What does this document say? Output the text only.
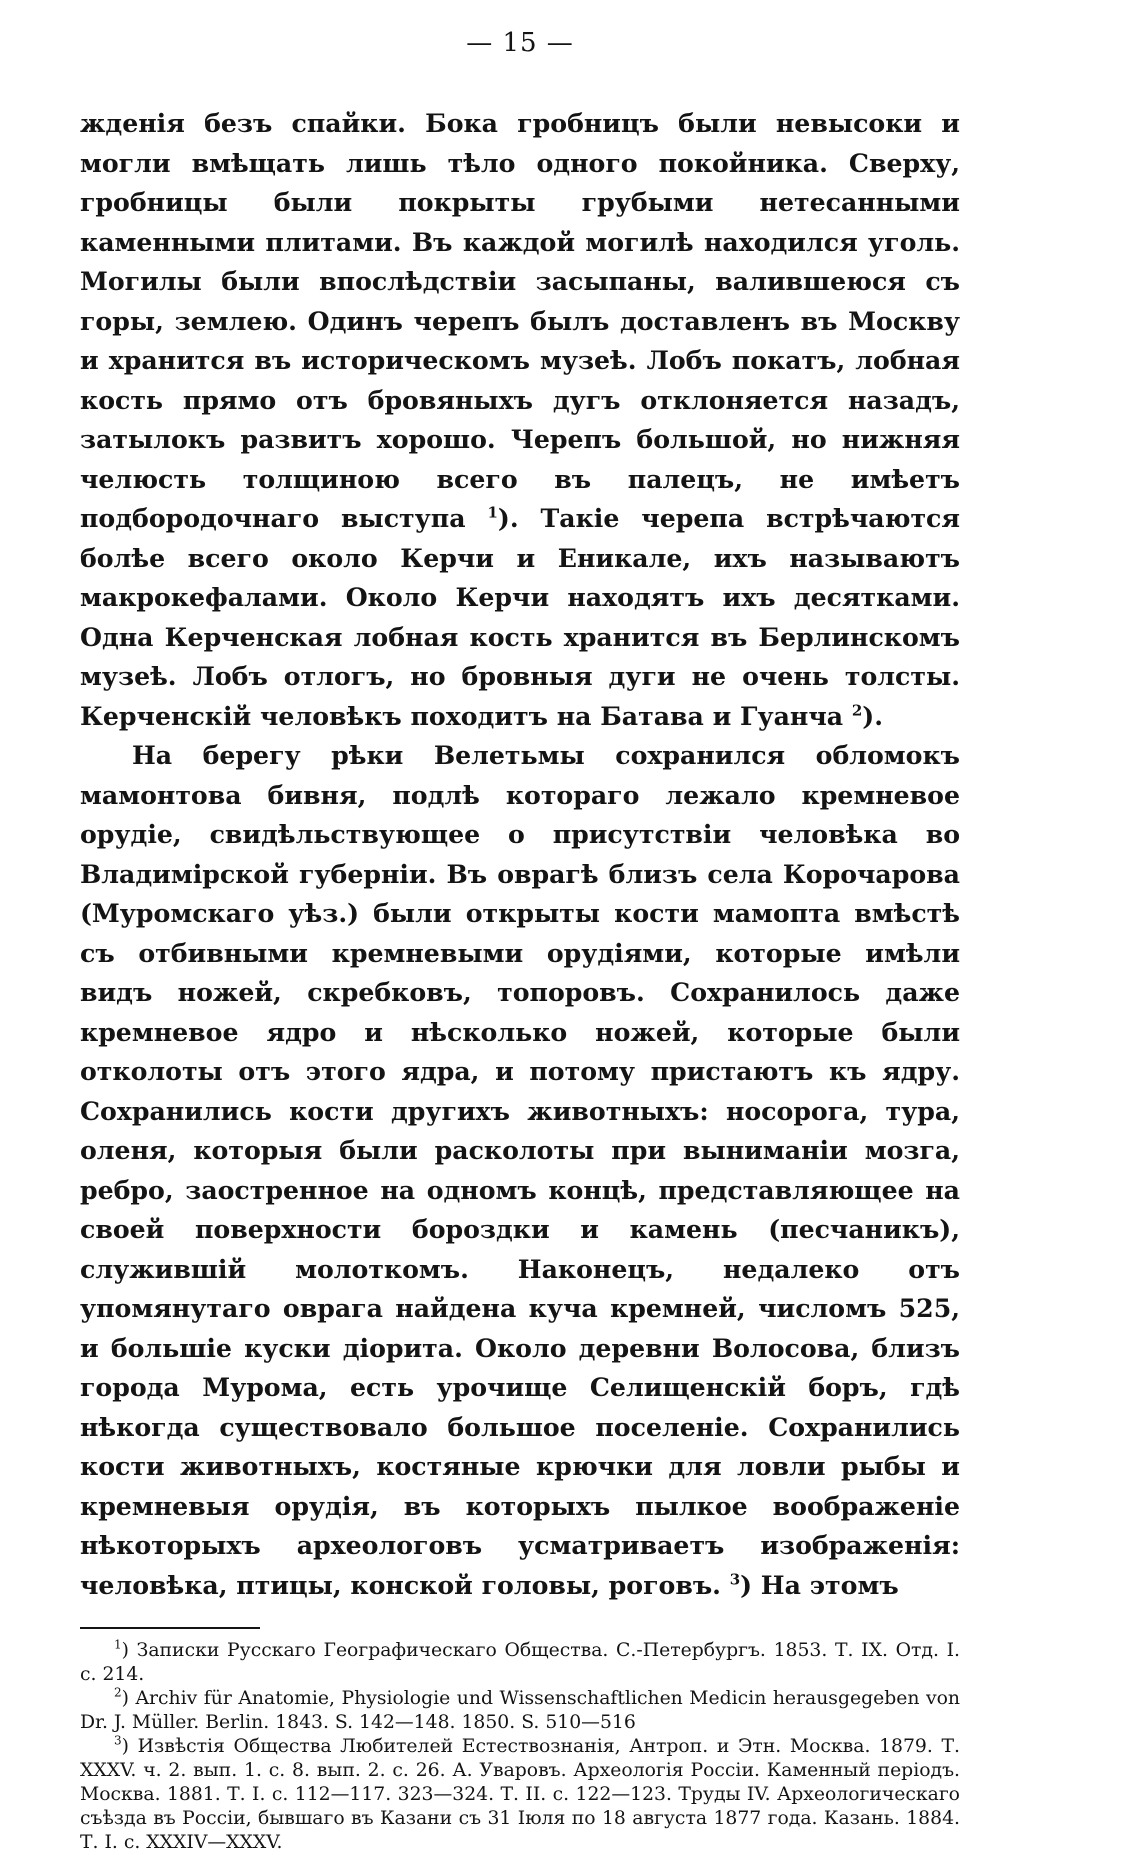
— 15 —

жденія безъ спайки. Бока гробницъ были невысоки и могли вмѣщать лишь тѣло одного покойника. Сверху, гробницы были покрыты грубыми нетесанными каменными плитами. Въ каждой могилѣ находился уголь. Могилы были впослѣдствіи засыпаны, валившеюся съ горы, землею. Одинъ черепъ былъ доставленъ въ Москву и хранится въ историческомъ музеѣ. Лобъ покатъ, лобная кость прямо отъ бровяныхъ дугъ отклоняется назадъ, затылокъ развитъ хорошо. Черепъ большой, но нижняя челюсть толщиною всего въ палецъ, не имѣетъ подбородочнаго выступа $^1$). Такіе черепа встрѣчаются болѣе всего около Керчи и Еникале, ихъ называютъ макрокефалами. Около Керчи находятъ ихъ десятками. Одна Керченская лобная кость хранится въ Берлинскомъ музеѣ. Лобъ отлогъ, но бровныя дуги не очень толсты. Керченскій человѣкъ походитъ на Батава и Гуанча $^2$).

На берегу рѣки Велетьмы сохранился обломокъ мамонтова бивня, подлѣ котораго лежало кремневое орудіе, свидѣльствующее о присутствіи человѣка во Владимірской губерніи. Въ оврагѣ близъ села Корочарова (Муромскаго уѣз.) были открыты кости мамопта вмѣстѣ съ отбивными кремневыми орудіями, которые имѣли видъ ножей, скребковъ, топоровъ. Сохранилось даже кремневое ядро и нѣсколько ножей, которые были отколоты отъ этого ядра, и потому пристаютъ къ ядру. Сохранились кости другихъ животныхъ: носорога, тура, оленя, которыя были расколоты при выниманіи мозга, ребро, заостренное на одномъ концѣ, представляющее на своей поверхности бороздки и камень (песчаникъ), служившій молоткомъ. Наконецъ, недалеко отъ упомянутаго оврага найдена куча кремней, числомъ 525, и большіе куски діорита. Около деревни Волосова, близъ города Мурома, есть урочище Селищенскій боръ, гдѣ нѣкогда существовало большое поселеніе. Сохранились кости животныхъ, костяные крючки для ловли рыбы и кремневыя орудія, въ которыхъ пылкое воображеніе нѣкоторыхъ археологовъ усматриваетъ изображенія: человѣка, птицы, конской головы, роговъ. $^3$) На этомъ

$^1$) Записки Русскаго Географическаго Общества. С.-Петербургъ. 1853. Т. IX. Отд. I. с. 214.

$^2$) Archiv für Anatomie, Physiologie und Wissenschaftlichen Medicin herausgegeben von Dr. J. Müller. Berlin. 1843. S. 142—148. 1850. S. 510—516

$^3$) Извѣстія Общества Любителей Естествознанія, Антроп. и Этн. Москва. 1879. Т. XXXV. ч. 2. вып. 1. с. 8. вып. 2. с. 26. А. Уваровъ. Археологія Россіи. Каменный періодъ. Москва. 1881. Т. I. с. 112—117. 323—324. Т. II. с. 122—123. Труды IV. Археологическаго съѣзда въ Россіи, бывшаго въ Казани съ 31 Іюля по 18 августа 1877 года. Казань. 1884. Т. I. с. XXXIV—XXXV.
